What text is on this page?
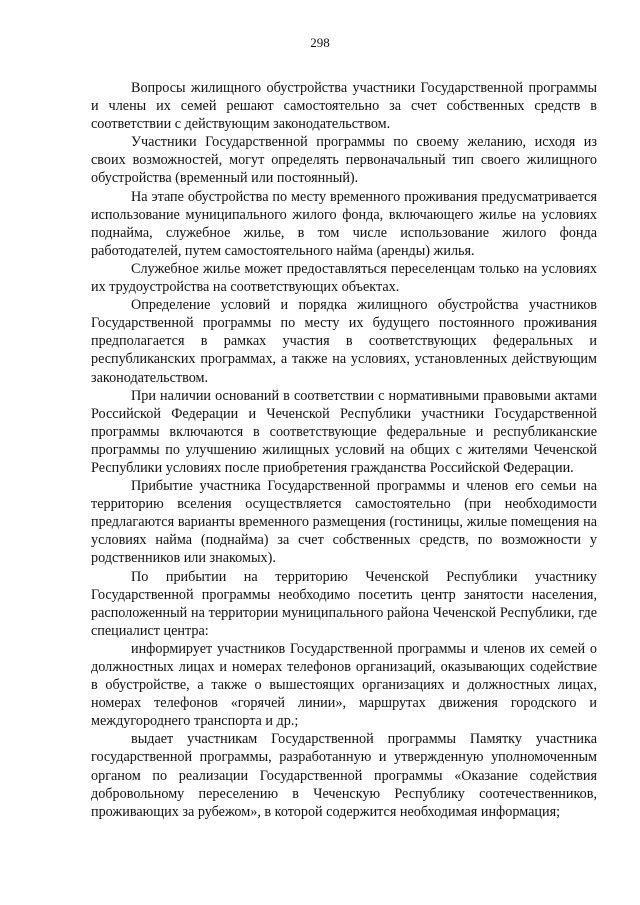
298

Вопросы жилищного обустройства участники Государственной программы и члены их семей решают самостоятельно за счет собственных средств в соответствии с действующим законодательством.

Участники Государственной программы по своему желанию, исходя из своих возможностей, могут определять первоначальный тип своего жилищного обустройства (временный или постоянный).

На этапе обустройства по месту временного проживания предусматривается использование муниципального жилого фонда, включающего жилье на условиях поднайма, служебное жилье, в том числе использование жилого фонда работодателей, путем самостоятельного найма (аренды) жилья.

Служебное жилье может предоставляться переселенцам только на условиях их трудоустройства на соответствующих объектах.

Определение условий и порядка жилищного обустройства участников Государственной программы по месту их будущего постоянного проживания предполагается в рамках участия в соответствующих федеральных и республиканских программах, а также на условиях, установленных действующим законодательством.

При наличии оснований в соответствии с нормативными правовыми актами Российской Федерации и Чеченской Республики участники Государственной программы включаются в соответствующие федеральные и республиканские программы по улучшению жилищных условий на общих с жителями Чеченской Республики условиях после приобретения гражданства Российской Федерации.

Прибытие участника Государственной программы и членов его семьи на территорию вселения осуществляется самостоятельно (при необходимости предлагаются варианты временного размещения (гостиницы, жилые помещения на условиях найма (поднайма) за счет собственных средств, по возможности у родственников или знакомых).

По прибытии на территорию Чеченской Республики участнику Государственной программы необходимо посетить центр занятости населения, расположенный на территории муниципального района Чеченской Республики, где специалист центра:

информирует участников Государственной программы и членов их семей о должностных лицах и номерах телефонов организаций, оказывающих содействие в обустройстве, а также о вышестоящих организациях и должностных лицах, номерах телефонов «горячей линии», маршрутах движения городского и междугороднего транспорта и др.;

выдает участникам Государственной программы Памятку участника государственной программы, разработанную и утвержденную уполномоченным органом по реализации Государственной программы «Оказание содействия добровольному переселению в Чеченскую Республику соотечественников, проживающих за рубежом», в которой содержится необходимая информация;
